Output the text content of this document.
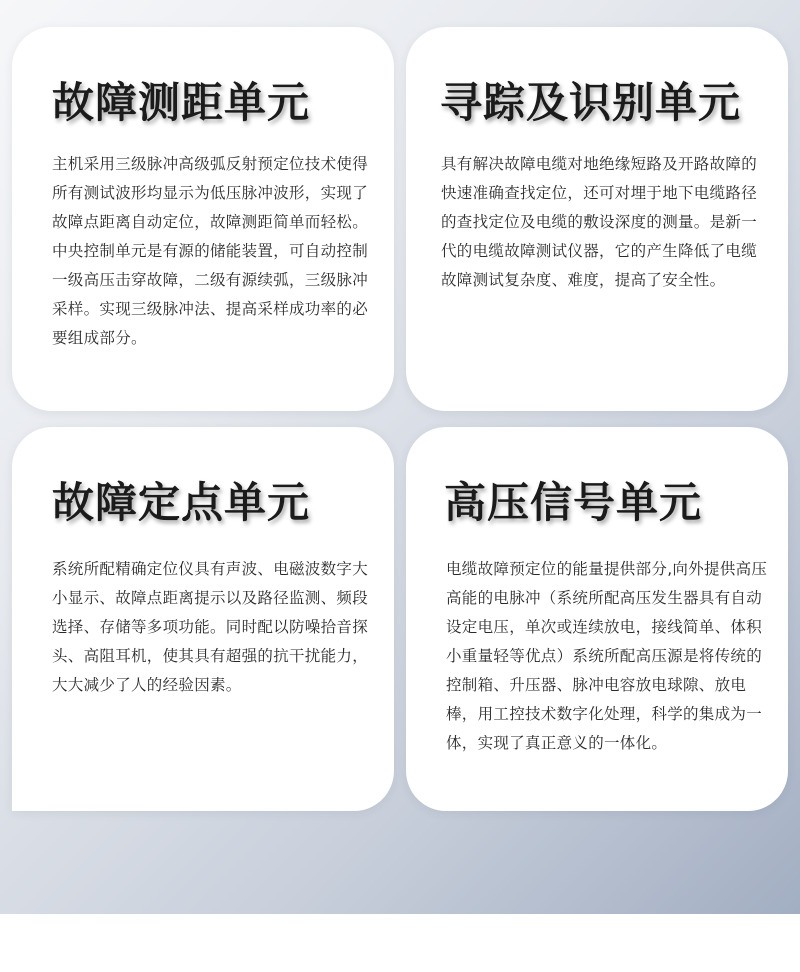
故障测距单元
主机采用三级脉冲高级弧反射预定位技术使得所有测试波形均显示为低压脉冲波形，实现了故障点距离自动定位，故障测距简单而轻松。中央控制单元是有源的储能装置，可自动控制一级高压击穿故障，二级有源续弧，三级脉冲采样。实现三级脉冲法、提高采样成功率的必要组成部分。
寻踪及识别单元
具有解决故障电缆对地绝缘短路及开路故障的快速准确查找定位，还可对埋于地下电缆路径的查找定位及电缆的敷设深度的测量。是新一代的电缆故障测试仪器，它的产生降低了电缆故障测试复杂度、难度，提高了安全性。
故障定点单元
系统所配精确定位仪具有声波、电磁波数字大小显示、故障点距离提示以及路径监测、频段选择、存储等多项功能。同时配以防噪拾音探头、高阻耳机，使其具有超强的抗干扰能力，大大减少了人的经验因素。
高压信号单元
电缆故障预定位的能量提供部分,向外提供高压高能的电脉冲（系统所配高压发生器具有自动设定电压，单次或连续放电，接线简单、体积小重量轻等优点）系统所配高压源是将传统的控制箱、升压器、脉冲电容放电球隙、放电棒，用工控技术数字化处理，科学的集成为一体，实现了真正意义的一体化。
